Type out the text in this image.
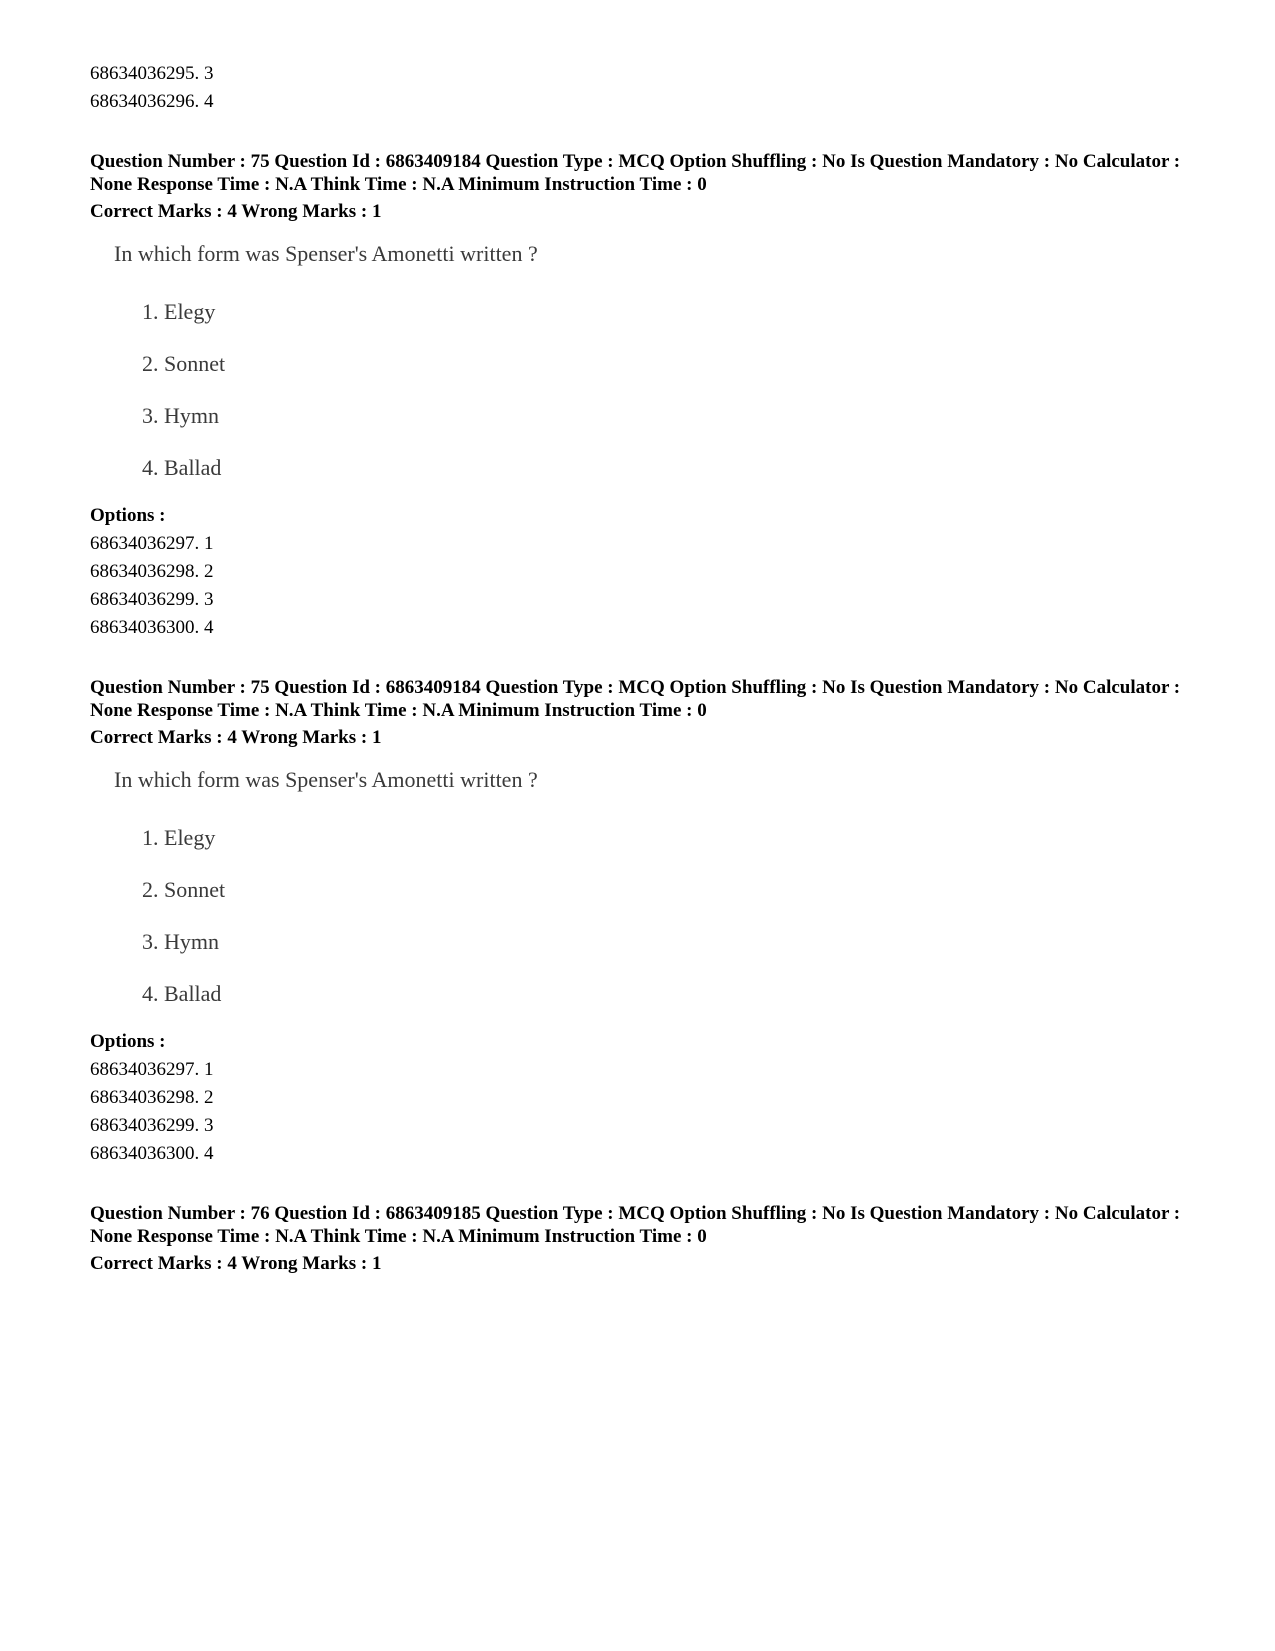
68634036295. 3
68634036296. 4
Question Number : 75 Question Id : 6863409184 Question Type : MCQ Option Shuffling : No Is Question Mandatory : No Calculator : None Response Time : N.A Think Time : N.A Minimum Instruction Time : 0
Correct Marks : 4 Wrong Marks : 1
In which form was Spenser's Amonetti written ?
1. Elegy
2. Sonnet
3. Hymn
4. Ballad
Options :
68634036297. 1
68634036298. 2
68634036299. 3
68634036300. 4
Question Number : 75 Question Id : 6863409184 Question Type : MCQ Option Shuffling : No Is Question Mandatory : No Calculator : None Response Time : N.A Think Time : N.A Minimum Instruction Time : 0
Correct Marks : 4 Wrong Marks : 1
In which form was Spenser's Amonetti written ?
1. Elegy
2. Sonnet
3. Hymn
4. Ballad
Options :
68634036297. 1
68634036298. 2
68634036299. 3
68634036300. 4
Question Number : 76 Question Id : 6863409185 Question Type : MCQ Option Shuffling : No Is Question Mandatory : No Calculator : None Response Time : N.A Think Time : N.A Minimum Instruction Time : 0
Correct Marks : 4 Wrong Marks : 1
